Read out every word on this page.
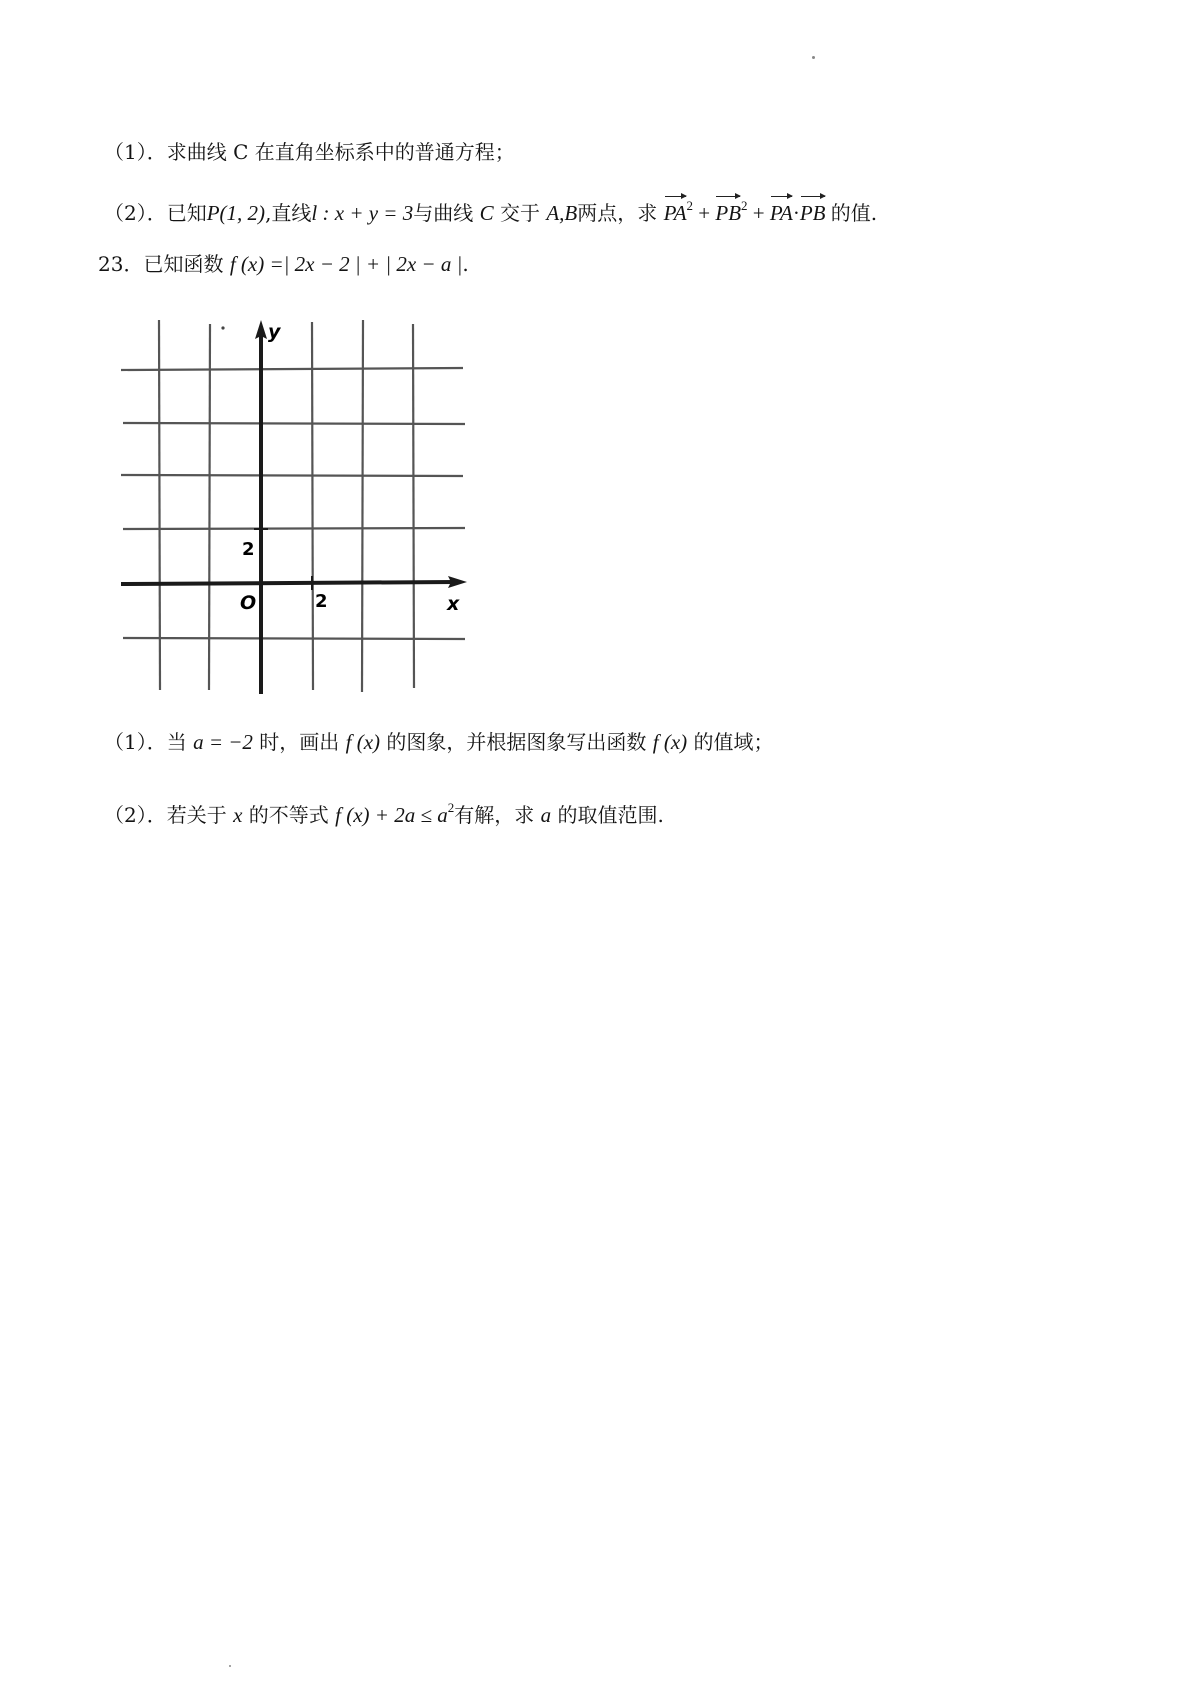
（1）．求曲线 C 在直角坐标系中的普通方程；
（2）．已知P(1, 2),直线l : x + y = 3与曲线 C 交于 A,B两点，求 $PA^2 + PB^2 + PA\cdot PB$ 的值.
23．已知函数 f (x) =| 2x − 2 | + | 2x − a |.
y
x
O	2
2
（1）．当 a = −2 时，画出 f (x) 的图象，并根据图象写出函数 f (x) 的值域；
（2）．若关于 x 的不等式 f $(x) + 2a \le a^2$有解，求 a 的取值范围.
